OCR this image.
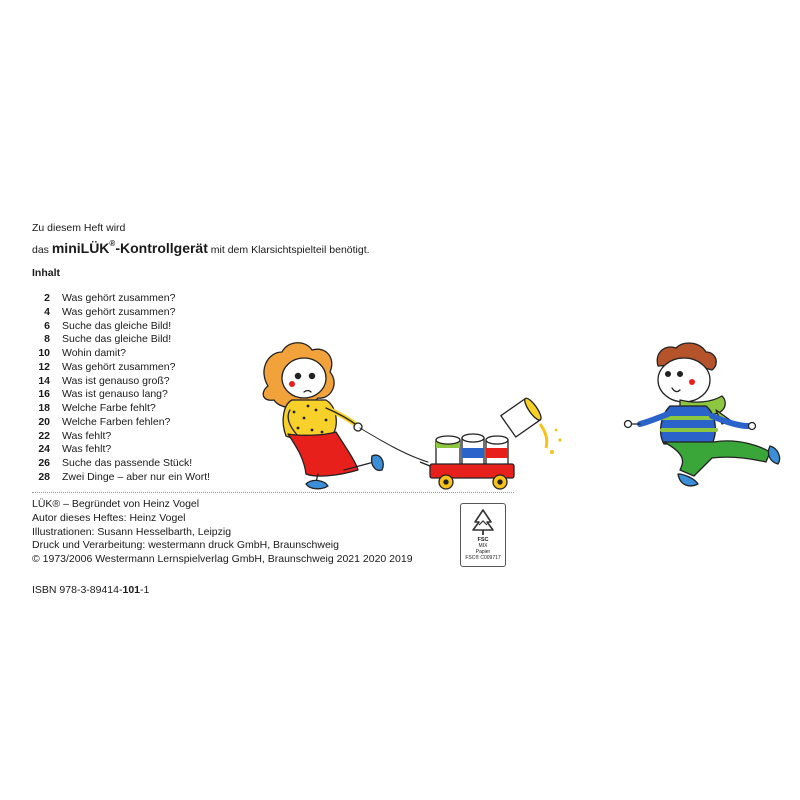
Zu diesem Heft wird
das miniLÜK®-Kontrollgerät mit dem Klarsichtspielteil benötigt.
Inhalt
2	Was gehört zusammen?
4	Was gehört zusammen?
6	Suche das gleiche Bild!
8	Suche das gleiche Bild!
10	Wohin damit?
12	Was gehört zusammen?
14	Was ist genauso groß?
16	Was ist genauso lang?
18	Welche Farbe fehlt?
20	Welche Farben fehlen?
22	Was fehlt?
24	Was fehlt?
26	Suche das passende Stück!
28	Zwei Dinge – aber nur ein Wort!
LÜK® – Begründet von Heinz Vogel
Autor dieses Heftes: Heinz Vogel
Illustrationen: Susann Hesselbarth, Leipzig
Druck und Verarbeitung: westermann druck GmbH, Braunschweig
© 1973/2006 Westermann Lernspielverlag GmbH, Braunschweig 2021 2020 2019
ISBN 978-3-89414-101-1
FSC
MIX
Papier
FSC® C009717
